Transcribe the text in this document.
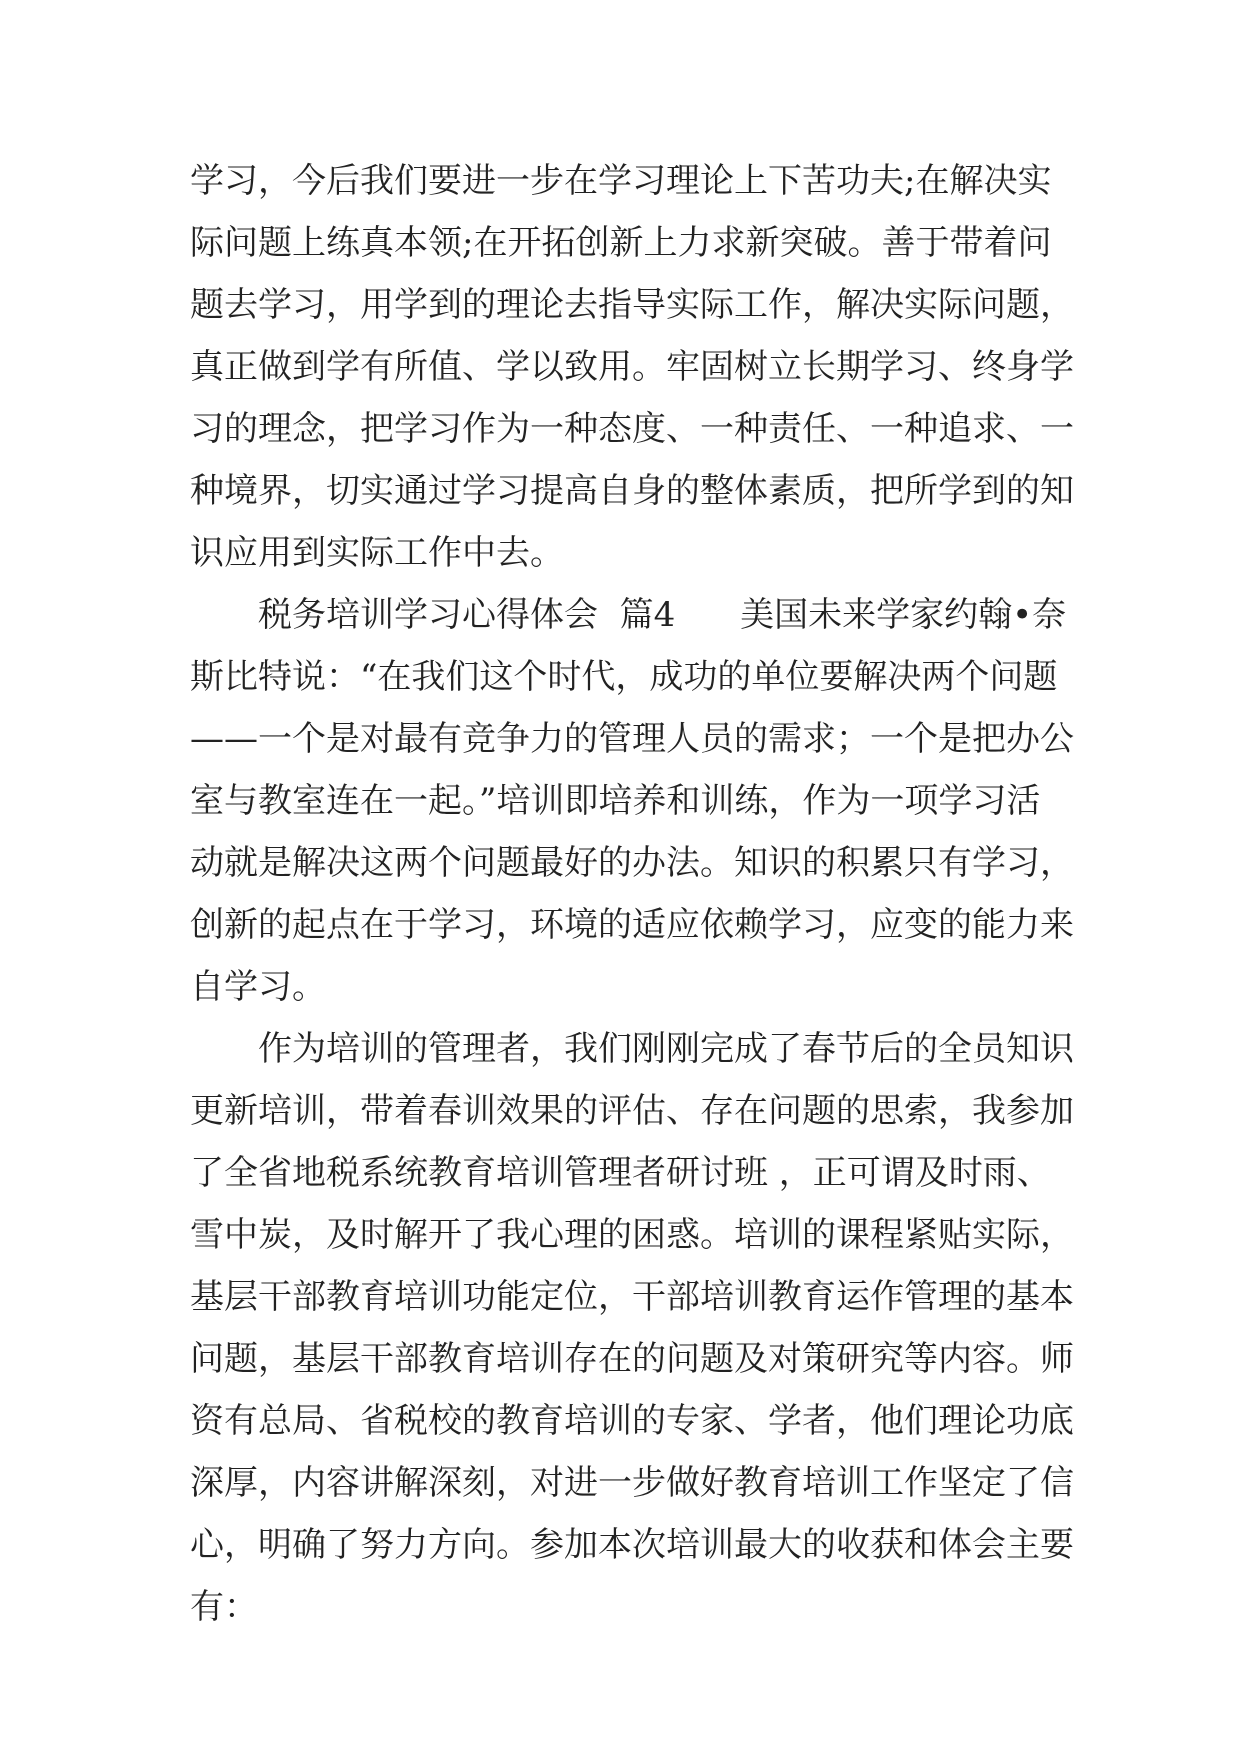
学习，今后我们要进一步在学习理论上下苦功夫;在解决实
际问题上练真本领;在开拓创新上力求新突破。善于带着问
题去学习，用学到的理论去指导实际工作，解决实际问题，
真正做到学有所值、学以致用。牢固树立长期学习、终身学
习的理念，把学习作为一种态度、一种责任、一种追求、一
种境界，切实通过学习提高自身的整体素质，把所学到的知
识应用到实际工作中去。
税务培训学习心得体会  篇4      美国未来学家约翰•奈
斯比特说：“在我们这个时代，成功的单位要解决两个问题
——一个是对最有竞争力的管理人员的需求；一个是把办公
室与教室连在一起。”培训即培养和训练，作为一项学习活
动就是解决这两个问题最好的办法。知识的积累只有学习，
创新的起点在于学习，环境的适应依赖学习，应变的能力来
自学习。
作为培训的管理者，我们刚刚完成了春节后的全员知识
更新培训，带着春训效果的评估、存在问题的思索，我参加
了全省地税系统教育培训管理者研讨班 ，正可谓及时雨、
雪中炭，及时解开了我心理的困惑。培训的课程紧贴实际，
基层干部教育培训功能定位，干部培训教育运作管理的基本
问题，基层干部教育培训存在的问题及对策研究等内容。师
资有总局、省税校的教育培训的专家、学者，他们理论功底
深厚，内容讲解深刻，对进一步做好教育培训工作坚定了信
心，明确了努力方向。参加本次培训最大的收获和体会主要
有：
